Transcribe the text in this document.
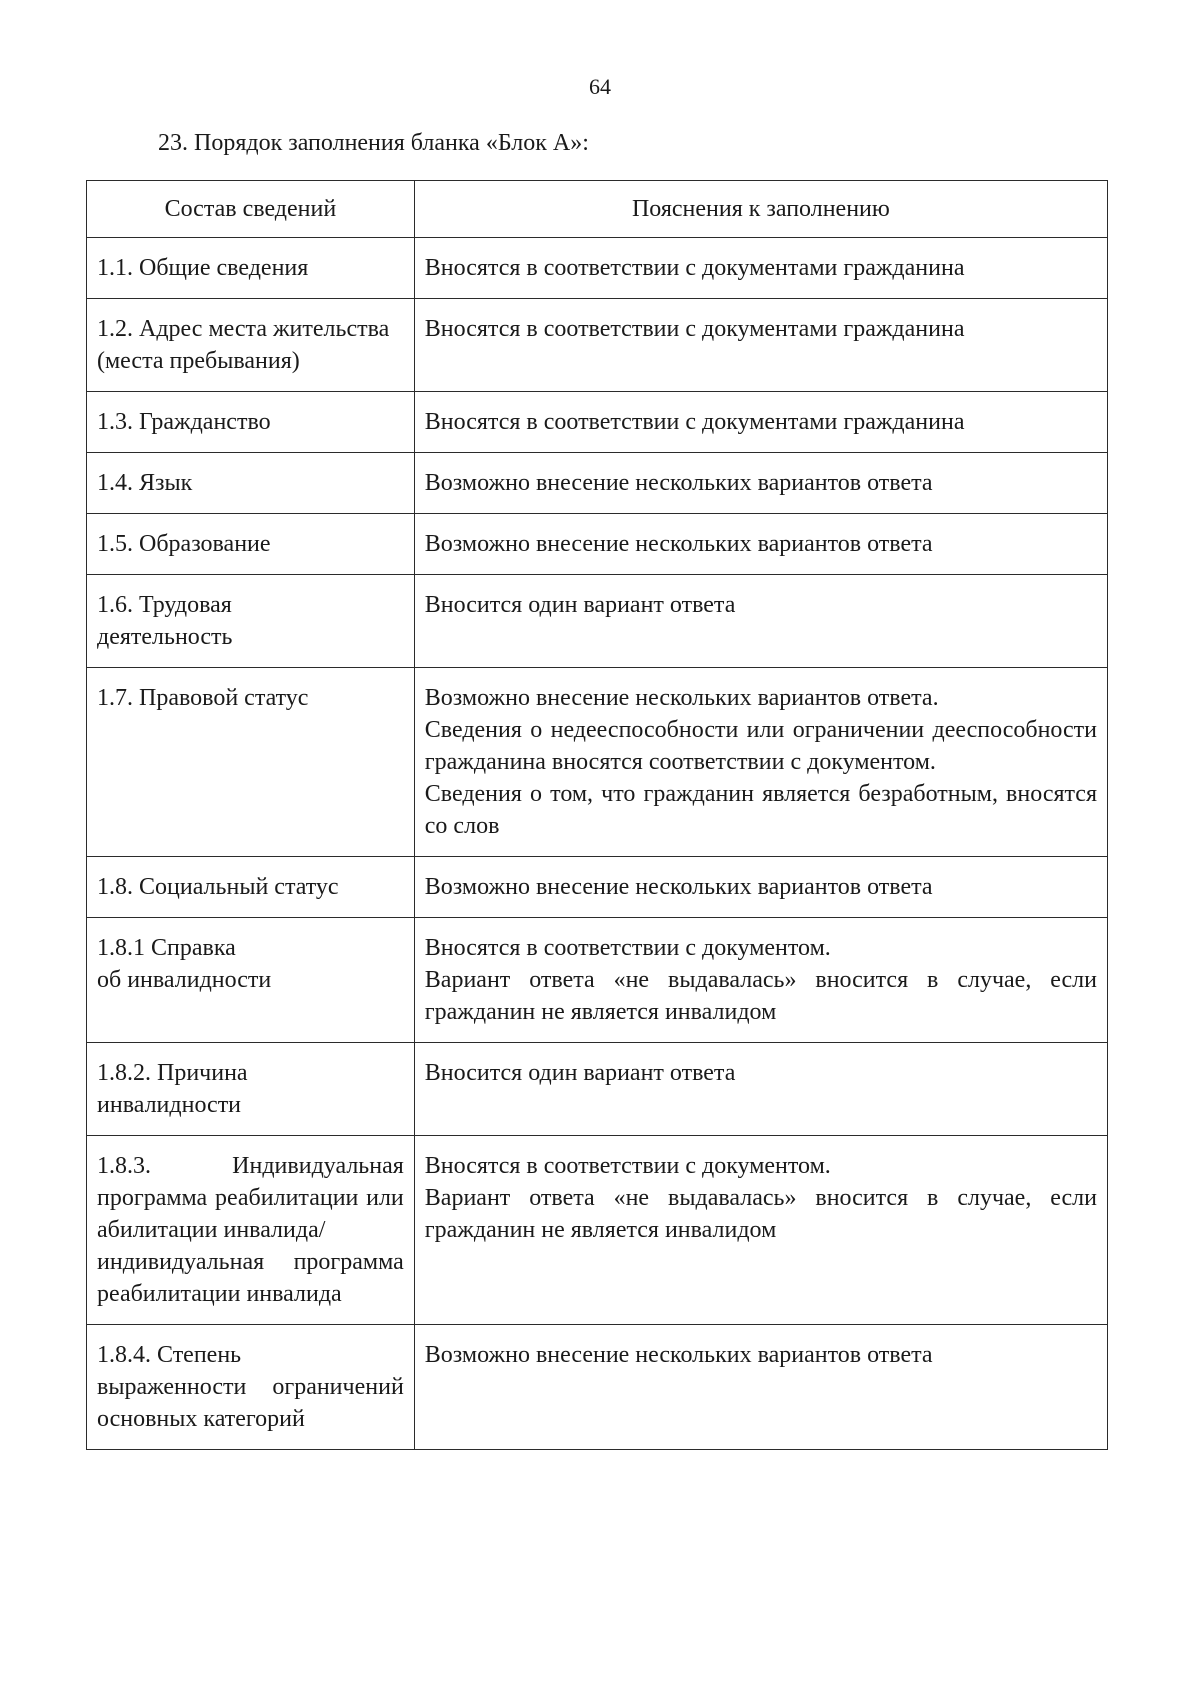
64
23. Порядок заполнения бланка «Блок А»:
Состав сведений	Пояснения к заполнению

1.1. Общие сведения	Вносятся в соответствии с документами гражданина

1.2. Адрес места жительства
(места пребывания)	Вносятся в соответствии с документами гражданина

1.3. Гражданство	Вносятся в соответствии с документами гражданина

1.4. Язык	Возможно внесение нескольких вариантов ответа

1.5. Образование	Возможно внесение нескольких вариантов ответа

1.6. Трудовая
деятельность	Вносится один вариант ответа

1.7. Правовой статус	Возможно внесение нескольких вариантов ответа.
Сведения о недееспособности или ограничении дееспособности гражданина вносятся соответствии с документом.
Сведения о том, что гражданин является безработным, вносятся со слов

1.8. Социальный статус	Возможно внесение нескольких вариантов ответа

1.8.1 Справка
об инвалидности	Вносятся в соответствии с документом.
Вариант ответа «не выдавалась» вносится в случае, если гражданин не является инвалидом

1.8.2. Причина
инвалидности	Вносится один вариант ответа

1.8.3. Индивидуальная программа реабилитации или абилитации инвалида/
индивидуальная программа реабилитации инвалида	Вносятся в соответствии с документом.
Вариант ответа «не выдавалась» вносится в случае, если гражданин не является инвалидом

1.8.4. Степень
выраженности ограничений основных категорий	Возможно внесение нескольких вариантов ответа
